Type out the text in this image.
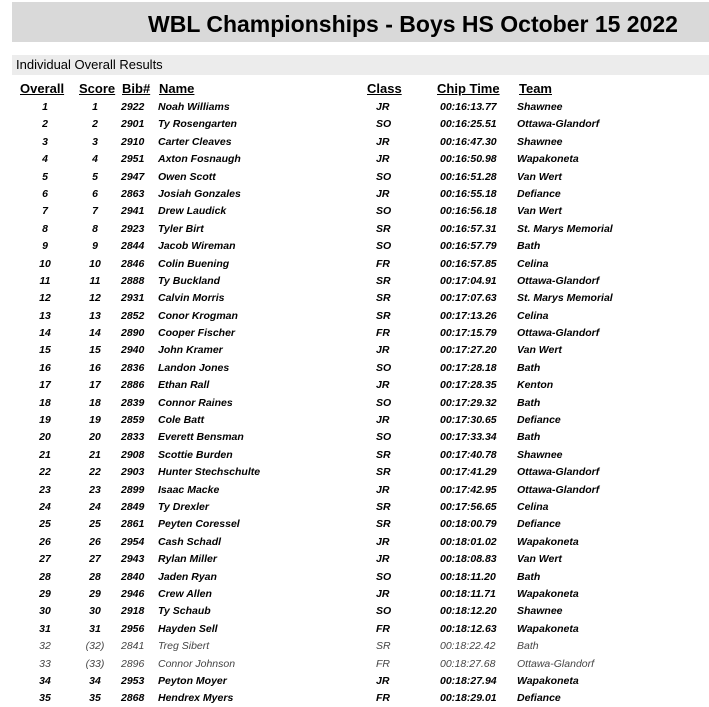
WBL Championships - Boys HS October 15 2022
Individual Overall Results
Overall Score Bib# Name	Class	Chip Time Team
1	1	2922 Noah Williams	JR	00:16:13.77 Shawnee
2	2	2901 Ty Rosengarten	SO	00:16:25.51 Ottawa-Glandorf
3	3	2910 Carter Cleaves	JR	00:16:47.30 Shawnee
4	4	2951 Axton Fosnaugh	JR	00:16:50.98 Wapakoneta
5	5	2947 Owen Scott	SO	00:16:51.28 Van Wert
6	6	2863 Josiah Gonzales	JR	00:16:55.18 Defiance
7	7	2941 Drew Laudick	SO	00:16:56.18 Van Wert
8	8	2923 Tyler Birt	SR	00:16:57.31 St. Marys Memorial
9	9	2844 Jacob Wireman	SO	00:16:57.79 Bath
10	10	2846 Colin Buening	FR	00:16:57.85 Celina
11	11	2888 Ty Buckland	SR	00:17:04.91 Ottawa-Glandorf
12	12	2931 Calvin Morris	SR	00:17:07.63 St. Marys Memorial
13	13	2852 Conor Krogman	SR	00:17:13.26 Celina
14	14	2890 Cooper Fischer	FR	00:17:15.79 Ottawa-Glandorf
15	15	2940 John Kramer	JR	00:17:27.20 Van Wert
16	16	2836 Landon Jones	SO	00:17:28.18 Bath
17	17	2886 Ethan Rall	JR	00:17:28.35 Kenton
18	18	2839 Connor Raines	SO	00:17:29.32 Bath
19	19	2859 Cole Batt	JR	00:17:30.65 Defiance
20	20	2833 Everett Bensman	SO	00:17:33.34 Bath
21	21	2908 Scottie Burden	SR	00:17:40.78 Shawnee
22	22	2903 Hunter Stechschulte	SR	00:17:41.29 Ottawa-Glandorf
23	23	2899 Isaac Macke	JR	00:17:42.95 Ottawa-Glandorf
24	24	2849 Ty Drexler	SR	00:17:56.65 Celina
25	25	2861 Peyten Coressel	SR	00:18:00.79 Defiance
26	26	2954 Cash Schadl	JR	00:18:01.02 Wapakoneta
27	27	2943 Rylan Miller	JR	00:18:08.83 Van Wert
28	28	2840 Jaden Ryan	SO	00:18:11.20 Bath
29	29	2946 Crew Allen	JR	00:18:11.71 Wapakoneta
30	30	2918 Ty Schaub	SO	00:18:12.20 Shawnee
31	31	2956 Hayden Sell	FR	00:18:12.63 Wapakoneta
32	(32)	2841 Treg Sibert	SR	00:18:22.42 Bath
33	(33)	2896 Connor Johnson	FR	00:18:27.68 Ottawa-Glandorf
34	34	2953 Peyton Moyer	JR	00:18:27.94 Wapakoneta
35	35	2868 Hendrex Myers	FR	00:18:29.01 Defiance
